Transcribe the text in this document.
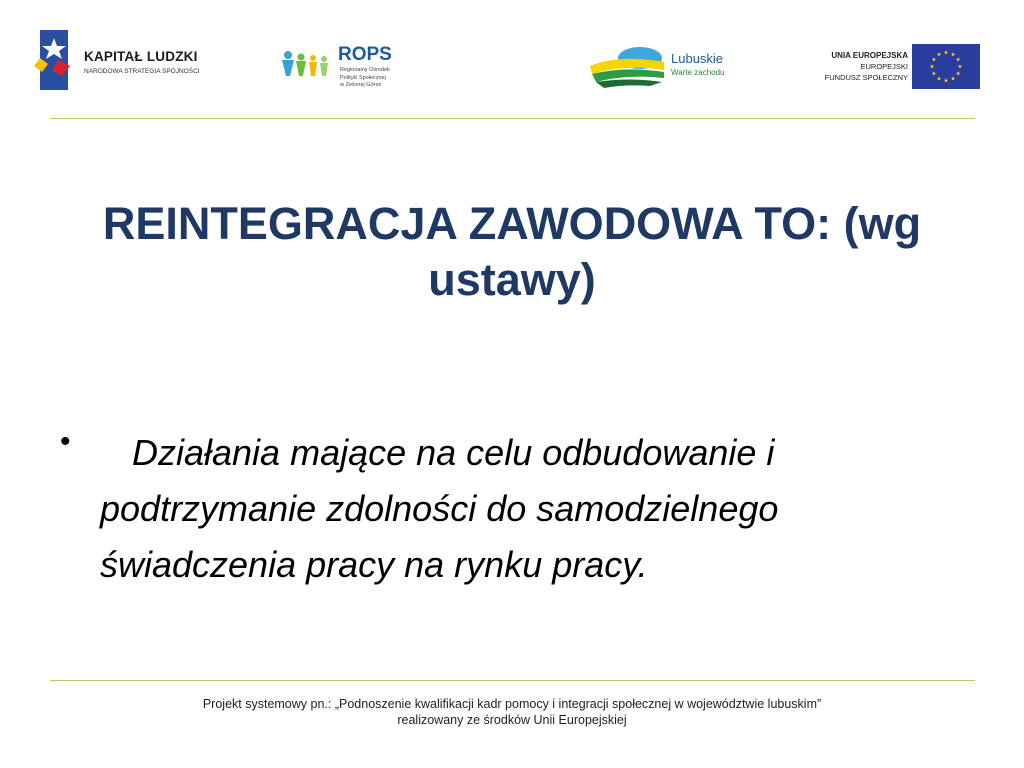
KAPITAŁ LUDZKI
NARODOWA STRATEGIA SPÓJNOŚCI
ROPS
Regionalny Ośrodek
Polityki Społecznej
w Zielonej Górze
Lubuskie
Warte zachodu
UNIA EUROPEJSKA
EUROPEJSKI
FUNDUSZ SPOŁECZNY
REINTEGRACJA ZAWODOWA TO: (wg
ustawy)
•	Działania mające na celu odbudowanie i podtrzymanie zdolności do samodzielnego świadczenia pracy na rynku pracy.
Projekt systemowy pn.: „Podnoszenie kwalifikacji kadr pomocy i integracji społecznej w województwie lubuskim”
realizowany ze środków Unii Europejskiej
